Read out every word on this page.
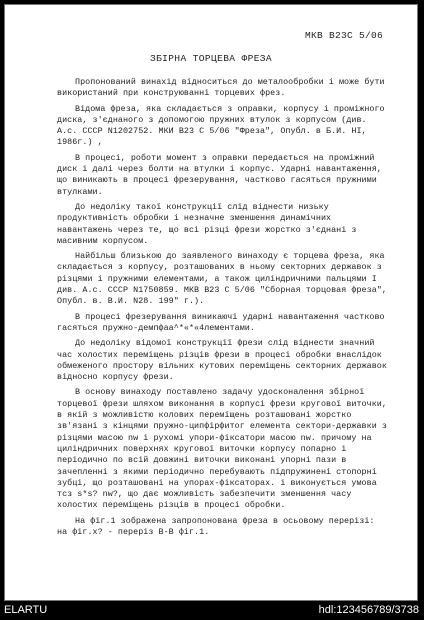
МКВ B23C 5/06
ЗБІРНА ТОРЦЕВА ФРЕЗА

Пропонований винахід відноситься до металообробки і може бути використаний при конструюванні торцевих фрез.

Відома фреза, яка складається з оправки, корпусу і проміжного диска, з'єднаного з допомогою пружних втулок з корпусом (див. А.с. СССР N1202752. МКИ B23 С 5/06 "Фреза", Опубл. в Б.И. HI, 1986г.) ,

В процесі, роботи момент з оправки передається на проміжний диск і далі через болти на втулки і корпус. Ударні навантаження, що виникають в процесі фрезерування, частково гасяться пружними втулками.

До недоліку такої конструкції слід віднести низьку продуктивність обробки і незначне зменшення динамічних навантажень через те, що всі різці фрези жорстко з'єднані з масивним корпусом.

Найбільш близькою до заявленого винаходу є торцева фреза, яка складається з корпусу, розташованих в ньому секторних державок з різцями і пружними елементами, а також циліндричними пальцями І див. А.с. СССР N1750859. МКВ B23 С 5/06 "Сборная торцовая фреза", Опубл. в. В.И. N28. 199" г.).

В процесі фрезерування виникаючі ударні навантаження частково гасяться пружно-демпфаа^*«*«4лементами.

До недоліку відомої конструкції фрези слід віднести значний час холостих переміщень різців фрези в процесі обробки внаслідок обмеженого простору вільних кутових переміщень секторних державок відносно корпусу фрези.

В основу винаходу поставлено задачу удосконалення збірної торцевої фрези шляхом виконання в корпусі фрези кругової виточки, в якій з можливістю колових переміщень розташовані жорстко зв'язані з кінцями пружно-ципфірфитог елемента сектори-державки з різцями масою nw і рухомі упори-фіксатори масою nw. причому на циліндричних поверхнях кругової виточки корпусу попарно і періодично по всій довжині виточки виконані упорні пази в зачепленні з якими періодично перебувають підпружинені стопорні зубці, що розташовані на упорах-фіксаторах. і виконується умова тсз s*s? nw?, що дає можливість забезпечити зменшення часу холостих переміщень різців в процесі обробки.

На фіг.1 зображена запропонована фреза в осьовому перерізі: на фіг.x? - переріз В-В фіг.1.

ELARTU	hdl:123456789/3738
